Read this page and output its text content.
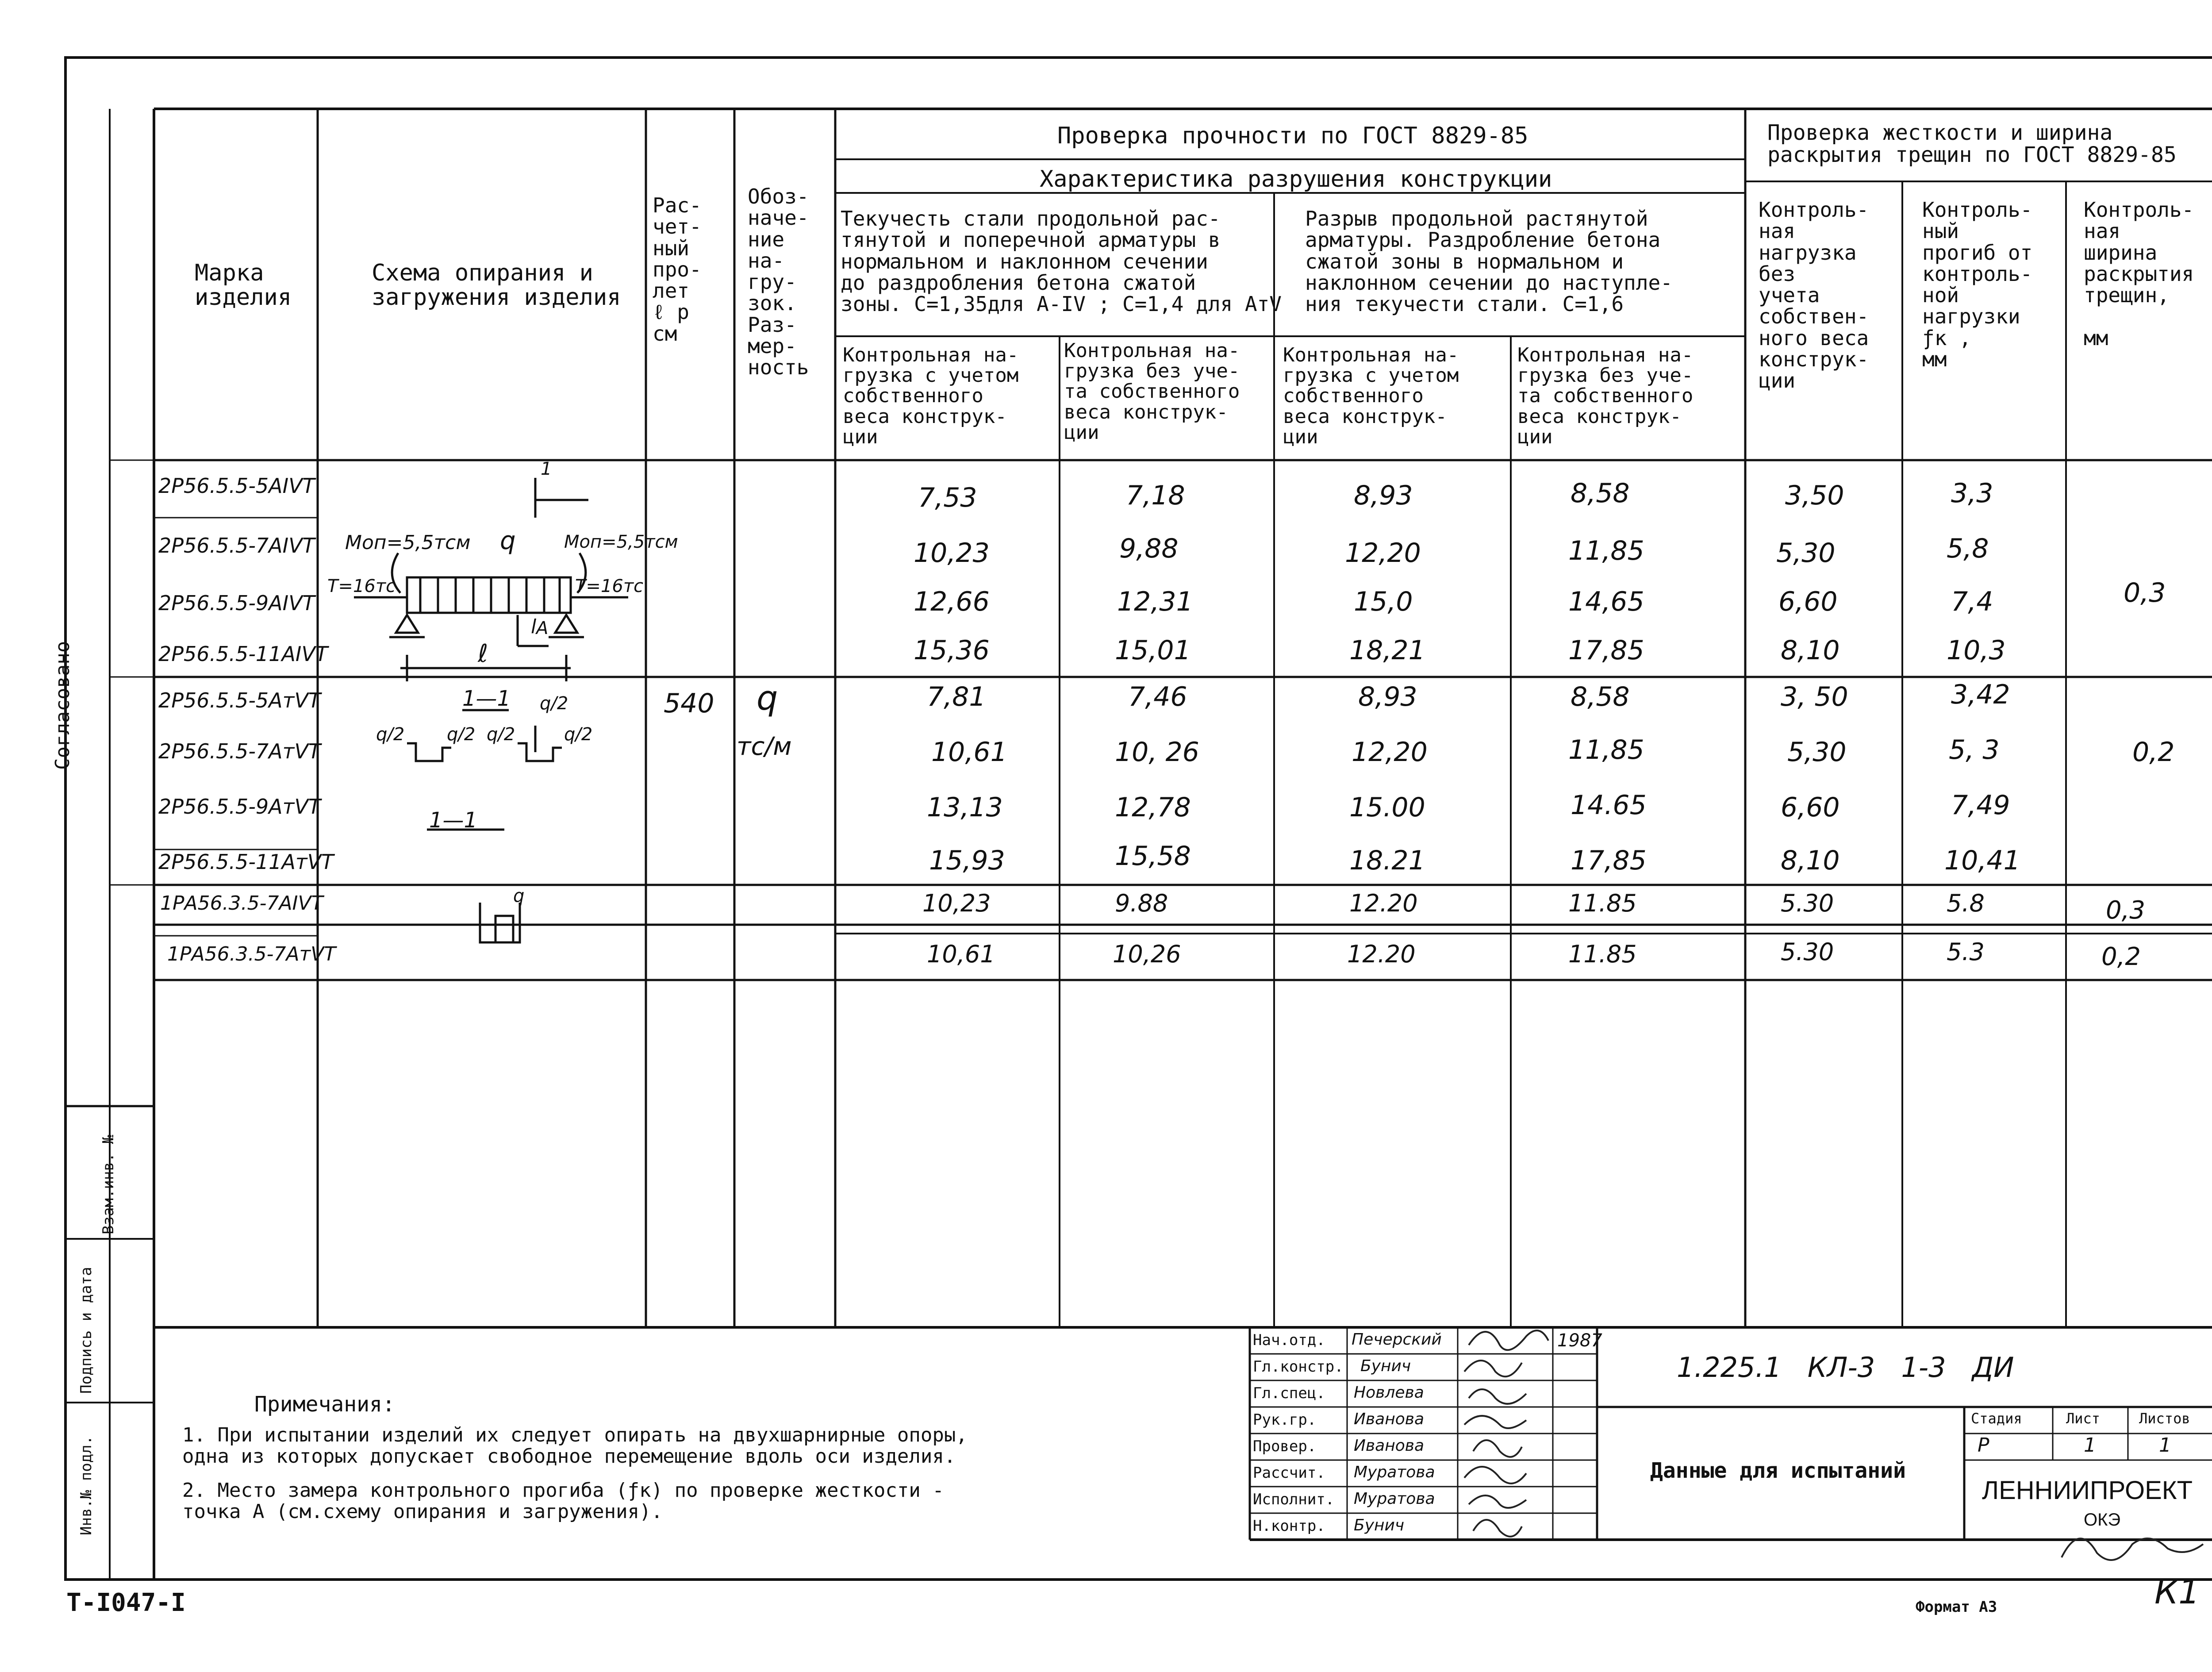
Т-I047-I	Формат А3	К1
Согласовано
Взам.инв. №
Подпись и дата
Инв.№ подл.
Марка
изделия
Схема опирания и
загружения изделия
Рас-
чет-
ный
про-
лет
ℓ р
см
Обоз-
наче-
ние
на-
гру-
зок.
Раз-
мер-
ность
Проверка прочности по ГОСТ 8829-85
Характеристика разрушения конструкции
Текучесть стали продольной рас-
тянутой и поперечной арматуры в
нормальном и наклонном сечении
до раздробления бетона сжатой
зоны. С=1,35для А-IV ; С=1,4 для АтV
Разрыв продольной растянутой
арматуры. Раздробление бетона
сжатой зоны в нормальном и
наклонном сечении до наступле-
ния текучести стали. С=1,6
Контрольная на-
грузка с учетом
собственного
веса конструк-
ции
Контрольная на-
грузка без уче-
та собственного
веса конструк-
ции
Контрольная на-
грузка с учетом
собственного
веса конструк-
ции
Контрольная на-
грузка без уче-
та собственного
веса конструк-
ции
Проверка жесткости и ширина
раскрытия трещин по ГОСТ 8829-85
Контроль-
ная
нагрузка
без
учета
собствен-
ного веса
конструк-
ции
Контроль-
ный
прогиб от
контроль-
ной
нагрузки
ƒк ,
мм
Контроль-
ная
ширина
раскрытия
трещин,

мм
1
Моп=5,5тсм q	Моп=5,5тсм
Т=16тс	Т=16тс
l А
ℓ
1—1 q/2
q/2 q/2 q/2	q/2
1—1
q
540 q
тс/м
2Р56.5.5-5АIVТ	7,53	7,18	8,93	8,58	3,50	3,3
2Р56.5.5-7АIVТ	10,23	9,88	12,20	11,85	5,30	5,8
2Р56.5.5-9АIVТ	12,66	12,31	15,0	14,65	6,60	7,4	0,3
2Р56.5.5-11АIVТ	15,36	15,01	18,21	17,85	8,10	10,3
2Р56.5.5-5АтVТ	7,81	7,46	8,93	8,58	3, 50	3,42
2Р56.5.5-7АтVТ	10,61	10, 26	12,20	11,85	5,30	5, 3	0,2
2Р56.5.5-9АтVТ	13,13	12,78	15.00	14.65	6,60	7,49
2Р56.5.5-11АтVТ	15,93	15,58	18.21	17,85	8,10	10,41
1РА56.3.5-7АIVТ	10,23	9.88	12.20	11.85	5.30	5.8	0,3
1РА56.3.5-7АтVТ	10,61	10,26	12.20	11.85	5.30	5.3	0,2
Примечания:
1. При испытании изделий их следует опирать на двухшарнирные опоры,
одна из которых допускает свободное перемещение вдоль оси изделия.
2. Место замера контрольного прогиба (ƒк) по проверке жесткости -
точка А (см.схему опирания и загружения).
Нач.отд. Печерский
Гл.констр. Бунич
Гл.спец. Новлева
Рук.гр. Иванова
Провер. Иванова
Рассчит. Муратова
Исполнит. Муратова
Н.контр. Бунич
1987
1.225.1   КЛ-3   1-3   ДИ
Данные для испытаний
Стадия	Лист	Листов
Р	1	1
ЛЕННИИПРОЕКТ
ОКЭ
